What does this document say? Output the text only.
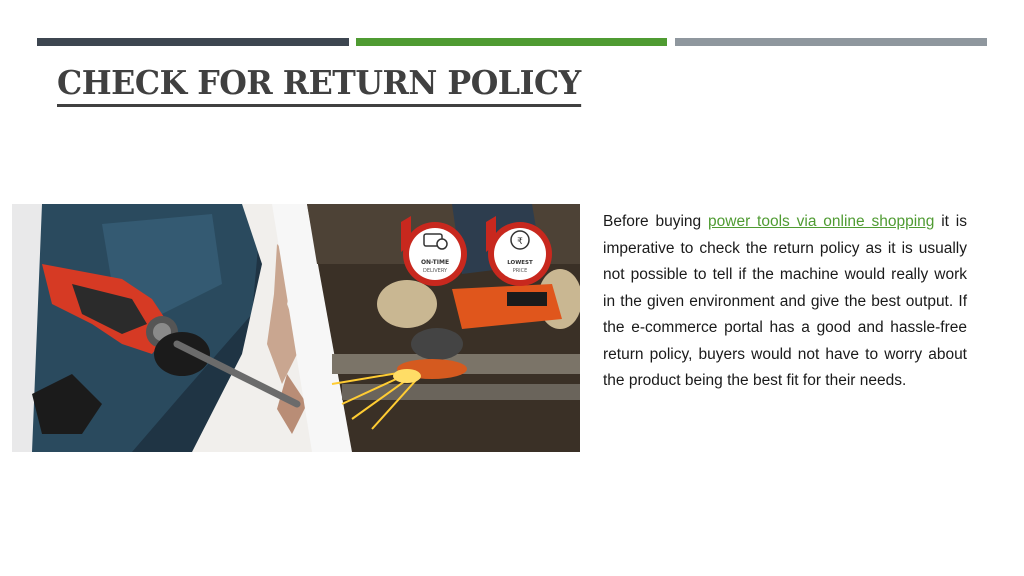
CHECK FOR RETURN POLICY
ON-TIME
DELIVERY
₹
LOWEST
PRICE
Before buying power tools via online shopping it is imperative to check the return policy as it is usually not possible to tell if the machine would really work in the given environment and give the best output. If the e-commerce portal has a good and hassle-free return policy, buyers would not have to worry about the product being the best fit for their needs.
